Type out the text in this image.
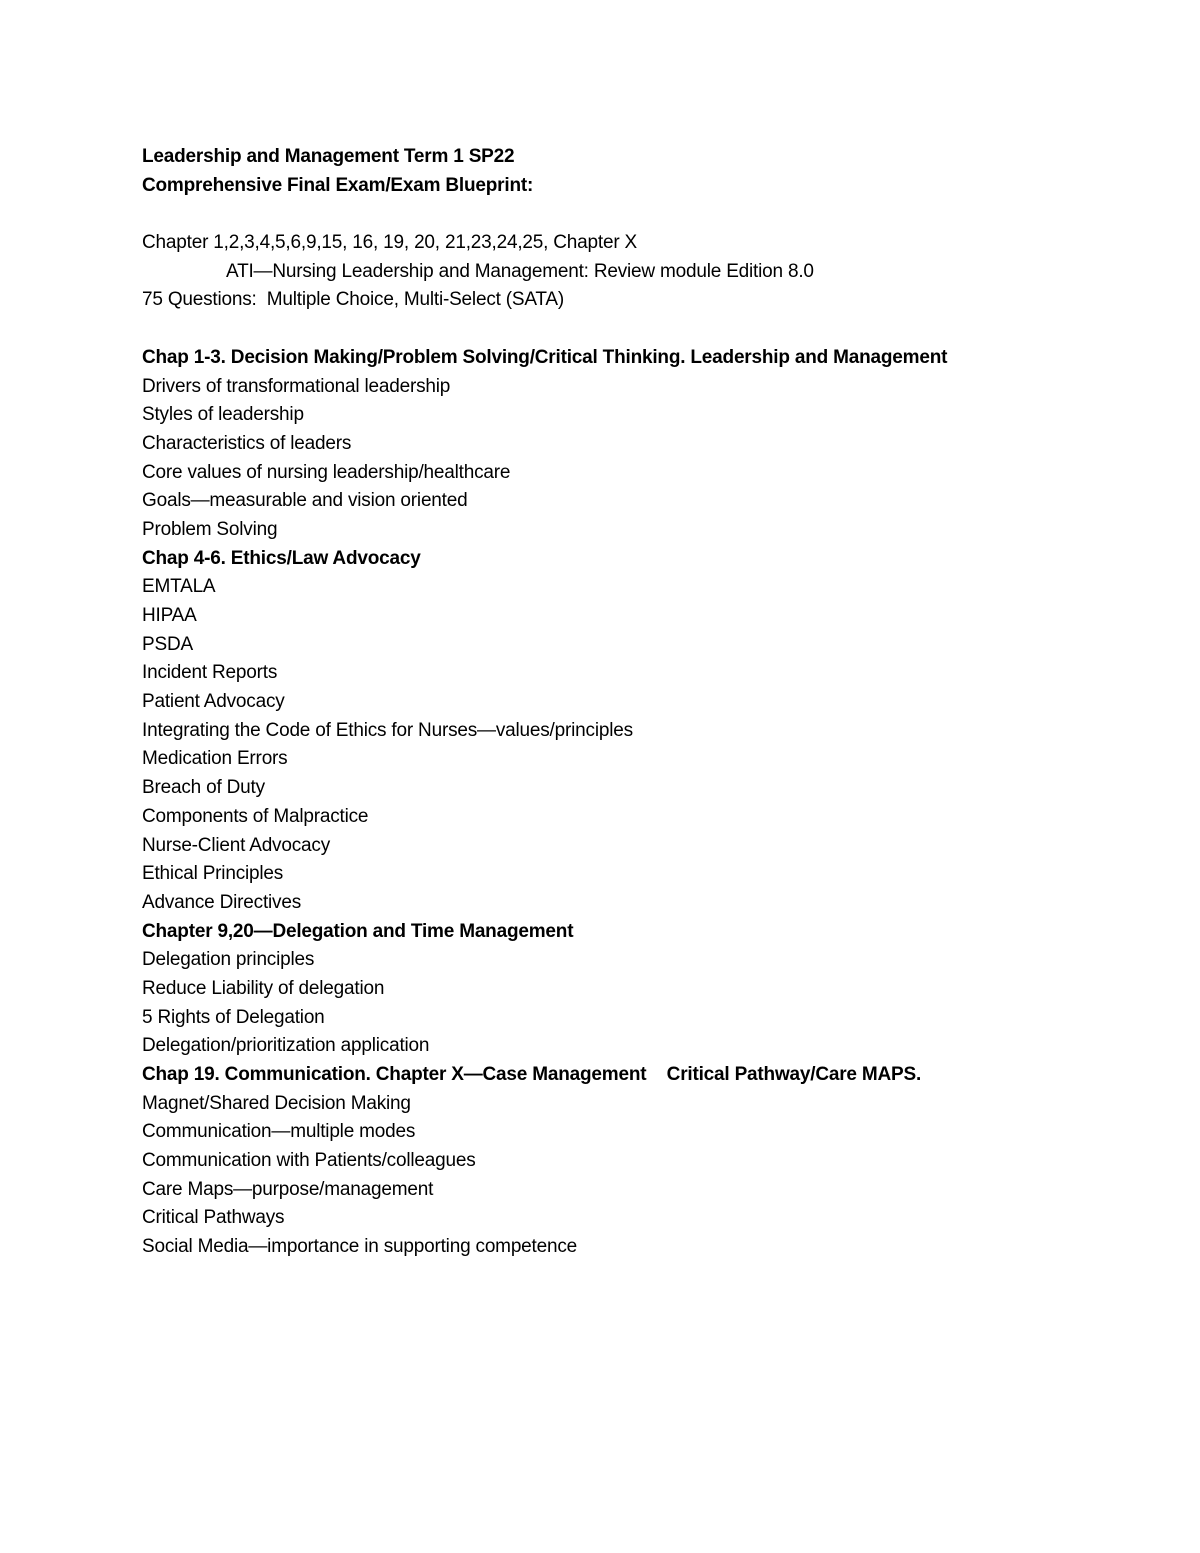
Leadership and Management Term 1 SP22
Comprehensive Final Exam/Exam Blueprint:
Chapter 1,2,3,4,5,6,9,15, 16, 19, 20, 21,23,24,25, Chapter X
ATI—Nursing Leadership and Management: Review module Edition 8.0
75 Questions:  Multiple Choice, Multi-Select (SATA)
Chap 1-3. Decision Making/Problem Solving/Critical Thinking. Leadership and Management
Drivers of transformational leadership
Styles of leadership
Characteristics of leaders
Core values of nursing leadership/healthcare
Goals—measurable and vision oriented
Problem Solving
Chap 4-6. Ethics/Law Advocacy
EMTALA
HIPAA
PSDA
Incident Reports
Patient Advocacy
Integrating the Code of Ethics for Nurses—values/principles
Medication Errors
Breach of Duty
Components of Malpractice
Nurse-Client Advocacy
Ethical Principles
Advance Directives
Chapter 9,20—Delegation and Time Management
Delegation principles
Reduce Liability of delegation
5 Rights of Delegation
Delegation/prioritization application
Chap 19. Communication. Chapter X—Case Management    Critical Pathway/Care MAPS.
Magnet/Shared Decision Making
Communication—multiple modes
Communication with Patients/colleagues
Care Maps—purpose/management
Critical Pathways
Social Media—importance in supporting competence
